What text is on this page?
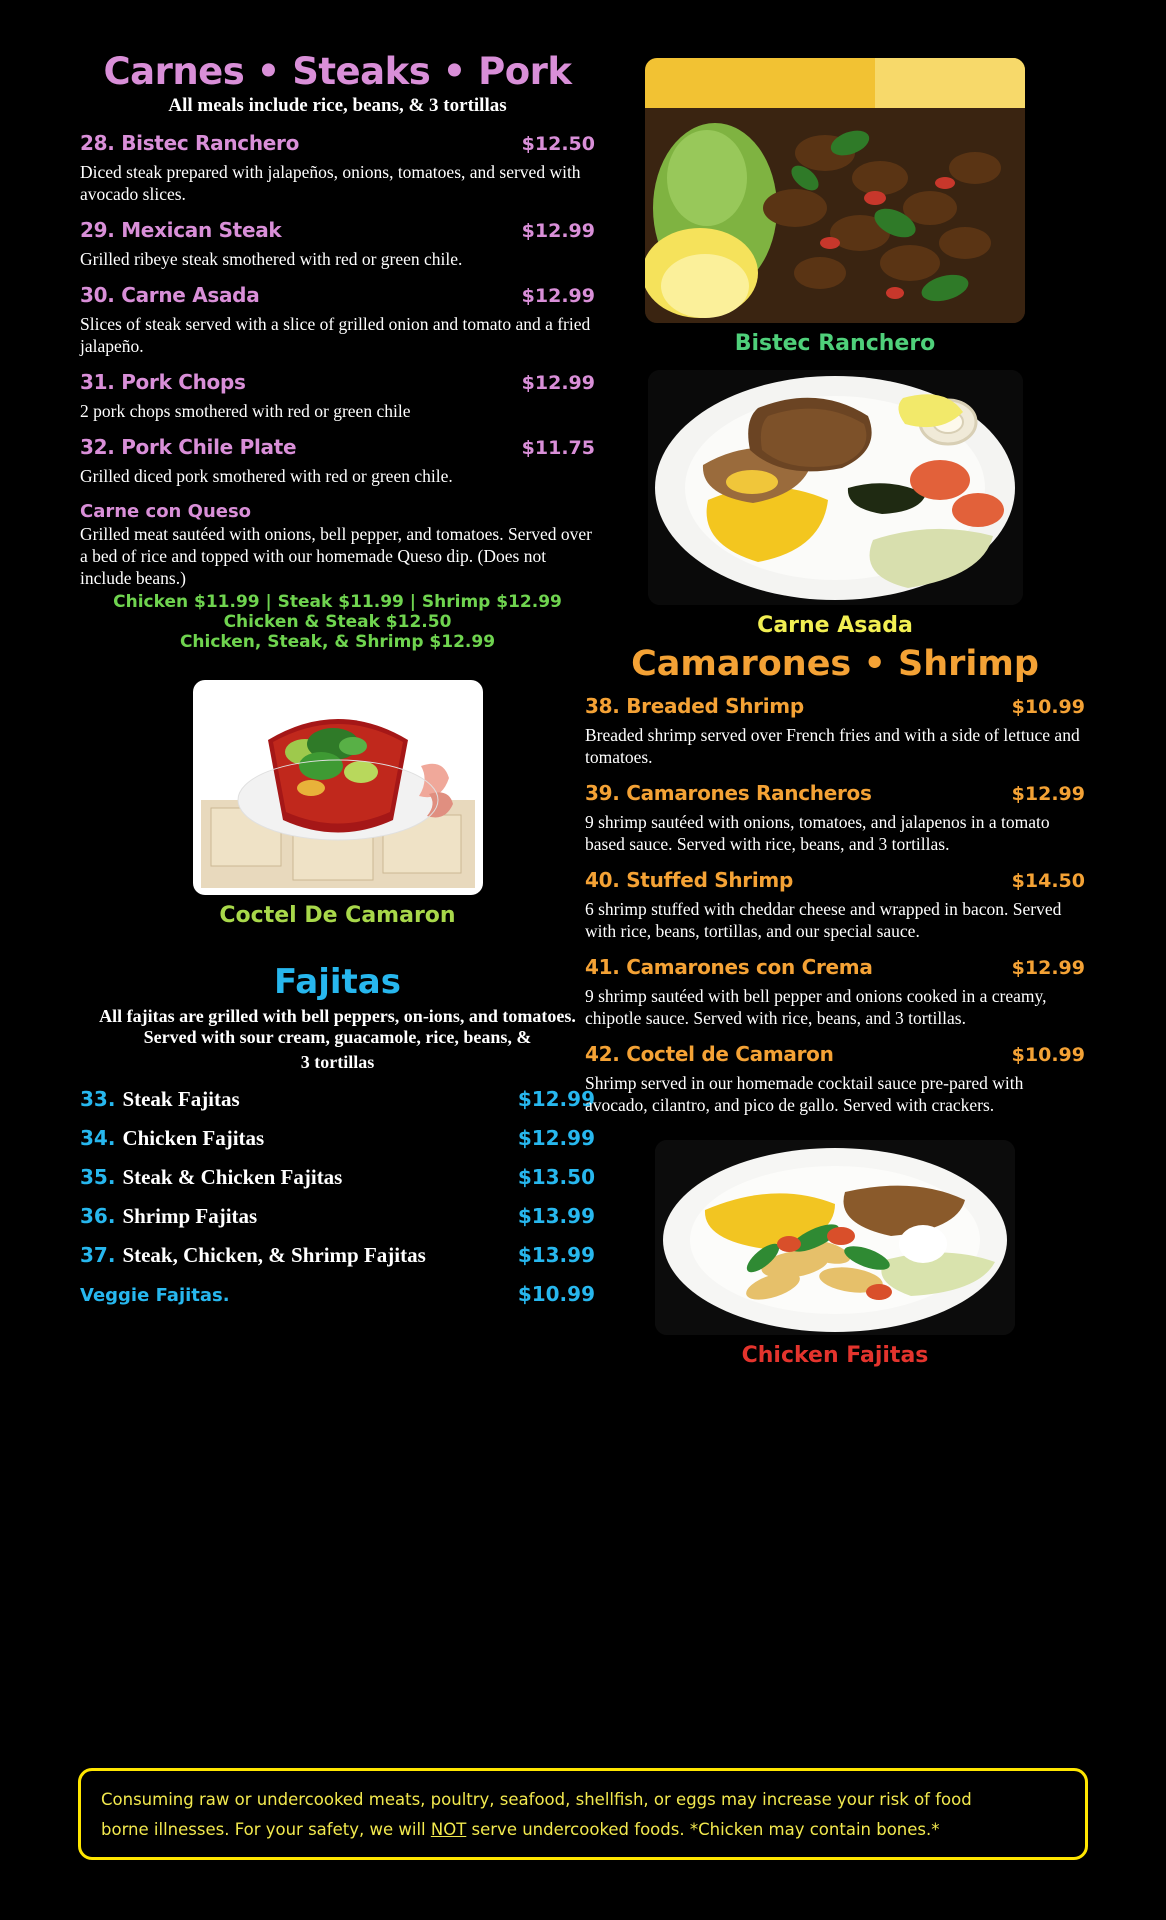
Carnes • Steaks • Pork
All meals include rice, beans, & 3 tortillas
28. Bistec Ranchero	$12.50

Diced steak prepared with jalapeños, onions, tomatoes, and served with avocado slices.

29. Mexican Steak	$12.99

Grilled ribeye steak smothered with red or green chile.

30. Carne Asada	$12.99

Slices of steak served with a slice of grilled onion and tomato and a fried jalapeño.

31. Pork Chops	$12.99

2 pork chops smothered with red or green chile

32. Pork Chile Plate	$11.75

Grilled diced pork smothered with red or green chile.

Carne con Queso
Grilled meat sautéed with onions, bell pepper, and tomatoes. Served over a bed of rice and topped with our homemade Queso dip. (Does not include beans.)
Chicken $11.99 | Steak $11.99 | Shrimp $12.99
Chicken & Steak $12.50
Chicken, Steak, & Shrimp $12.99
Coctel De Camaron
Fajitas
All fajitas are grilled with bell peppers, on-ions, and tomatoes. Served with sour cream, guacamole, rice, beans, &
3 tortillas
33. Steak Fajitas	$12.99
34. Chicken Fajitas	$12.99
35. Steak & Chicken Fajitas	$13.50
36. Shrimp Fajitas	$13.99
37. Steak, Chicken, & Shrimp Fajitas	$13.99
Veggie Fajitas.	$10.99
Bistec Ranchero
Carne Asada
Camarones • Shrimp
38. Breaded Shrimp	$10.99

Breaded shrimp served over French fries and with a side of lettuce and tomatoes.

39. Camarones Rancheros	$12.99

9 shrimp sautéed with onions, tomatoes, and jalapenos in a tomato based sauce. Served with rice, beans, and 3 tortillas.

40. Stuffed Shrimp	$14.50

6 shrimp stuffed with cheddar cheese and wrapped in bacon. Served with rice, beans, tortillas, and our special sauce.

41. Camarones con Crema	$12.99

9 shrimp sautéed with bell pepper and onions cooked in a creamy, chipotle sauce. Served with rice, beans, and 3 tortillas.

42. Coctel de Camaron	$10.99

Shrimp served in our homemade cocktail sauce pre-pared with avocado, cilantro, and pico de gallo. Served with crackers.

Chicken Fajitas

Consuming raw or undercooked meats, poultry, seafood, shellfish, or eggs may increase your risk of food

borne illnesses. For your safety, we will NOT serve undercooked foods. *Chicken may contain bones.*
